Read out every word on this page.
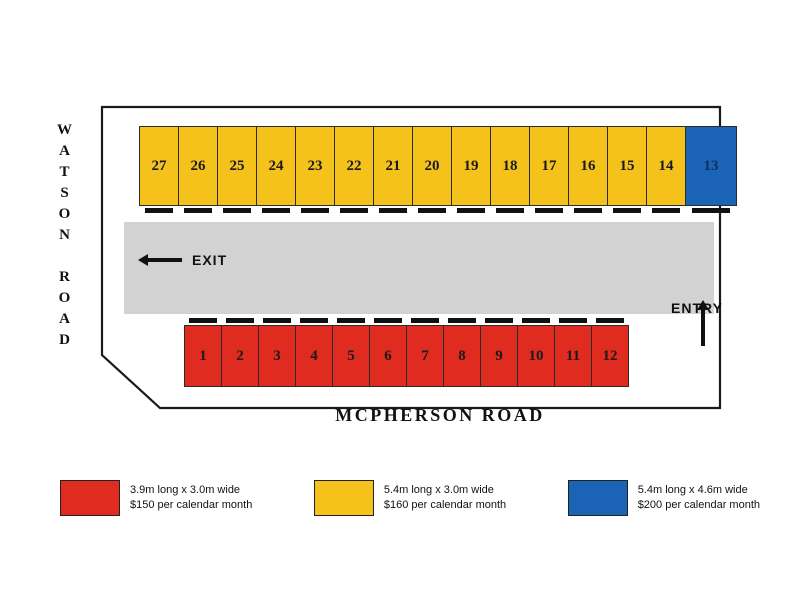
W
A
T
S
O
N

R
O
A
D
27 26 25 24 23 22 21 20 19 18 17 16 15 14 13
1 2 3 4 5 6 7 8 9 10 11 12
EXIT
ENTRY
MCPHERSON ROAD
3.9m long x 3.0m wide
$150 per calendar month
5.4m long x 3.0m wide
$160 per calendar month
5.4m long x 4.6m wide
$200 per calendar month
